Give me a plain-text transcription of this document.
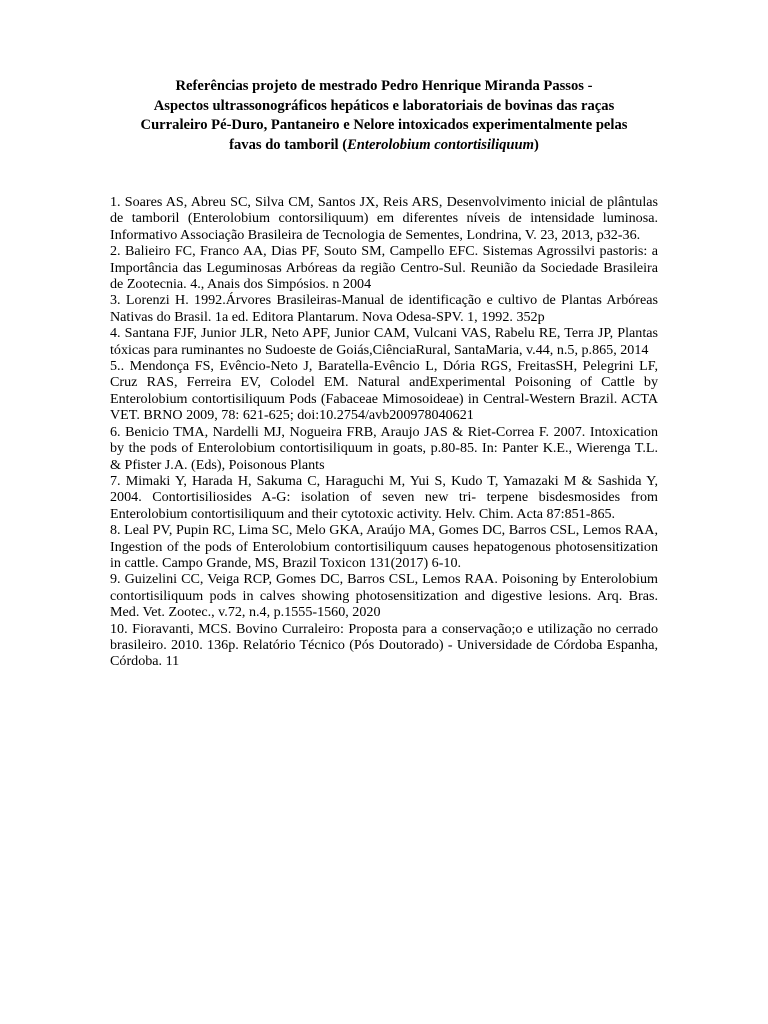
Referências projeto de mestrado Pedro Henrique Miranda Passos -
Aspectos ultrassonográficos hepáticos e laboratoriais de bovinas das raças
Curraleiro Pé-Duro, Pantaneiro e Nelore intoxicados experimentalmente pelas
favas do tamboril (Enterolobium contortisiliquum)
1. Soares AS, Abreu SC, Silva CM, Santos JX, Reis ARS, Desenvolvimento inicial de plântulas de tamboril (Enterolobium contorsiliquum) em diferentes níveis de intensidade luminosa. Informativo Associação Brasileira de Tecnologia de Sementes, Londrina, V. 23, 2013, p32-36.
2. Balieiro FC, Franco AA, Dias PF, Souto SM, Campello EFC. Sistemas Agrossilvi pastoris: a Importância das Leguminosas Arbóreas da região Centro-Sul. Reunião da Sociedade Brasileira de Zootecnia. 4., Anais dos Simpósios. n 2004
3. Lorenzi H. 1992.Árvores Brasileiras-Manual de identificação e cultivo de Plantas Arbóreas Nativas do Brasil. 1a ed. Editora Plantarum. Nova Odesa-SPV. 1, 1992. 352p
4. Santana FJF, Junior JLR, Neto APF, Junior CAM, Vulcani VAS, Rabelu RE, Terra JP, Plantas tóxicas para ruminantes no Sudoeste de Goiás,CiênciaRural, SantaMaria, v.44, n.5, p.865, 2014
5.. Mendonça FS, Evêncio-Neto J, Baratella-Evêncio L, Dória RGS, FreitasSH, Pelegrini LF, Cruz RAS, Ferreira EV, Colodel EM. Natural andExperimental Poisoning of Cattle by Enterolobium contortisiliquum Pods (Fabaceae Mimosoideae) in Central-Western Brazil. ACTA VET. BRNO 2009, 78: 621-625; doi:10.2754/avb200978040621
6. Benicio TMA, Nardelli MJ, Nogueira FRB, Araujo JAS & Riet-Correa F. 2007. Intoxication by the pods of Enterolobium contortisiliquum in goats, p.80-85. In: Panter K.E., Wierenga T.L. & Pfister J.A. (Eds), Poisonous Plants
7. Mimaki Y, Harada H, Sakuma C, Haraguchi M, Yui S, Kudo T, Yamazaki M & Sashida Y, 2004. Contortisiliosides A-G: isolation of seven new tri- terpene bisdesmosides from Enterolobium contortisiliquum and their cytotoxic activity. Helv. Chim. Acta 87:851-865.
8. Leal PV, Pupin RC, Lima SC, Melo GKA, Araújo MA, Gomes DC, Barros CSL, Lemos RAA, Ingestion of the pods of Enterolobium contortisiliquum causes hepatogenous photosensitization in cattle. Campo Grande, MS, Brazil Toxicon 131(2017) 6-10.
9. Guizelini CC, Veiga RCP, Gomes DC, Barros CSL, Lemos RAA. Poisoning by Enterolobium contortisiliquum pods in calves showing photosensitization and digestive lesions. Arq. Bras. Med. Vet. Zootec., v.72, n.4, p.1555-1560, 2020
10. Fioravanti, MCS. Bovino Curraleiro: Proposta para a conservação;o e utilização no cerrado brasileiro. 2010. 136p. Relatório Técnico (Pós Doutorado) - Universidade de Córdoba Espanha, Córdoba. 11
